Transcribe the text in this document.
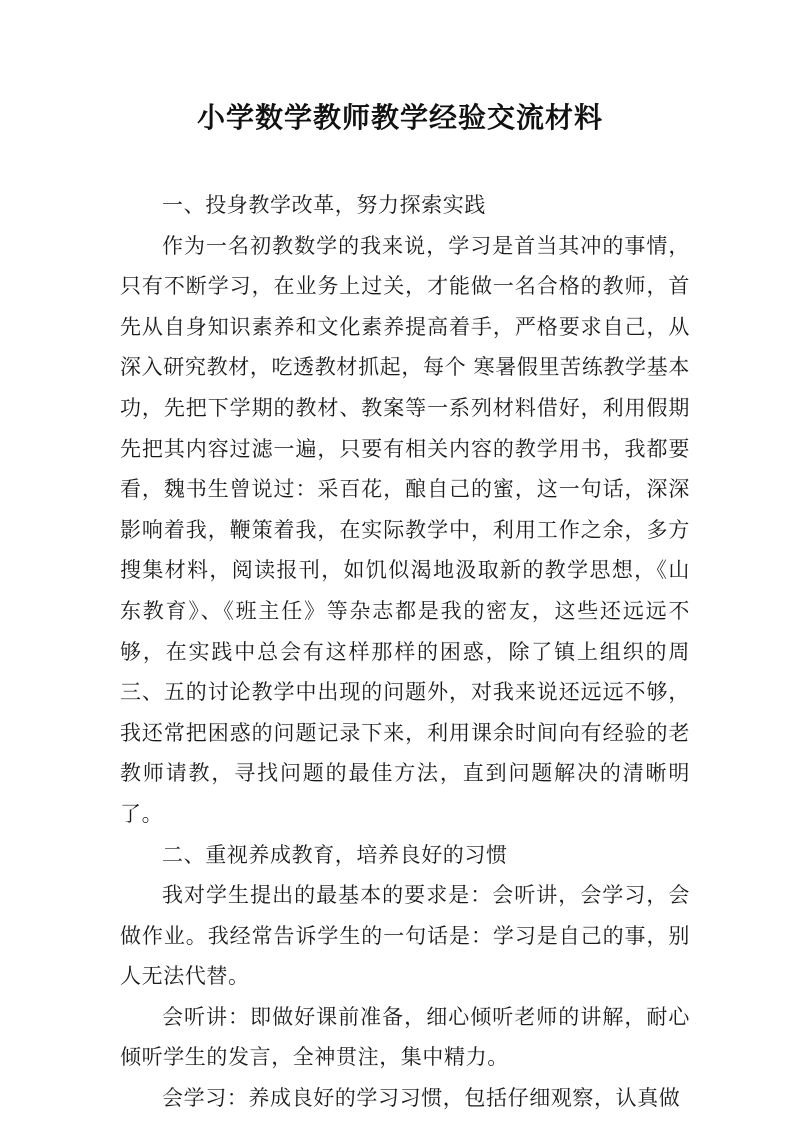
小学数学教师教学经验交流材料

一、投身教学改革，努力探索实践

作为一名初教数学的我来说，学习是首当其冲的事情，只有不断学习，在业务上过关，才能做一名合格的教师，首先从自身知识素养和文化素养提高着手，严格要求自己，从深入研究教材，吃透教材抓起，每个 寒暑假里苦练教学基本功，先把下学期的教材、教案等一系列材料借好，利用假期先把其内容过滤一遍，只要有相关内容的教学用书，我都要看，魏书生曾说过：采百花，酿自己的蜜，这一句话，深深影响着我，鞭策着我，在实际教学中，利用工作之余，多方搜集材料，阅读报刊，如饥似渴地汲取新的教学思想，《山东教育》、《班主任》等杂志都是我的密友，这些还远远不够，在实践中总会有这样那样的困惑，除了镇上组织的周三、五的讨论教学中出现的问题外，对我来说还远远不够，我还常把困惑的问题记录下来，利用课余时间向有经验的老教师请教，寻找问题的最佳方法，直到问题解决的清晰明了。

二、重视养成教育，培养良好的习惯

我对学生提出的最基本的要求是：会听讲，会学习，会做作业。我经常告诉学生的一句话是：学习是自己的事，别人无法代替。

会听讲：即做好课前准备，细心倾听老师的讲解，耐心倾听学生的发言，全神贯注，集中精力。

会学习：养成良好的学习习惯，包括仔细观察，认真做
